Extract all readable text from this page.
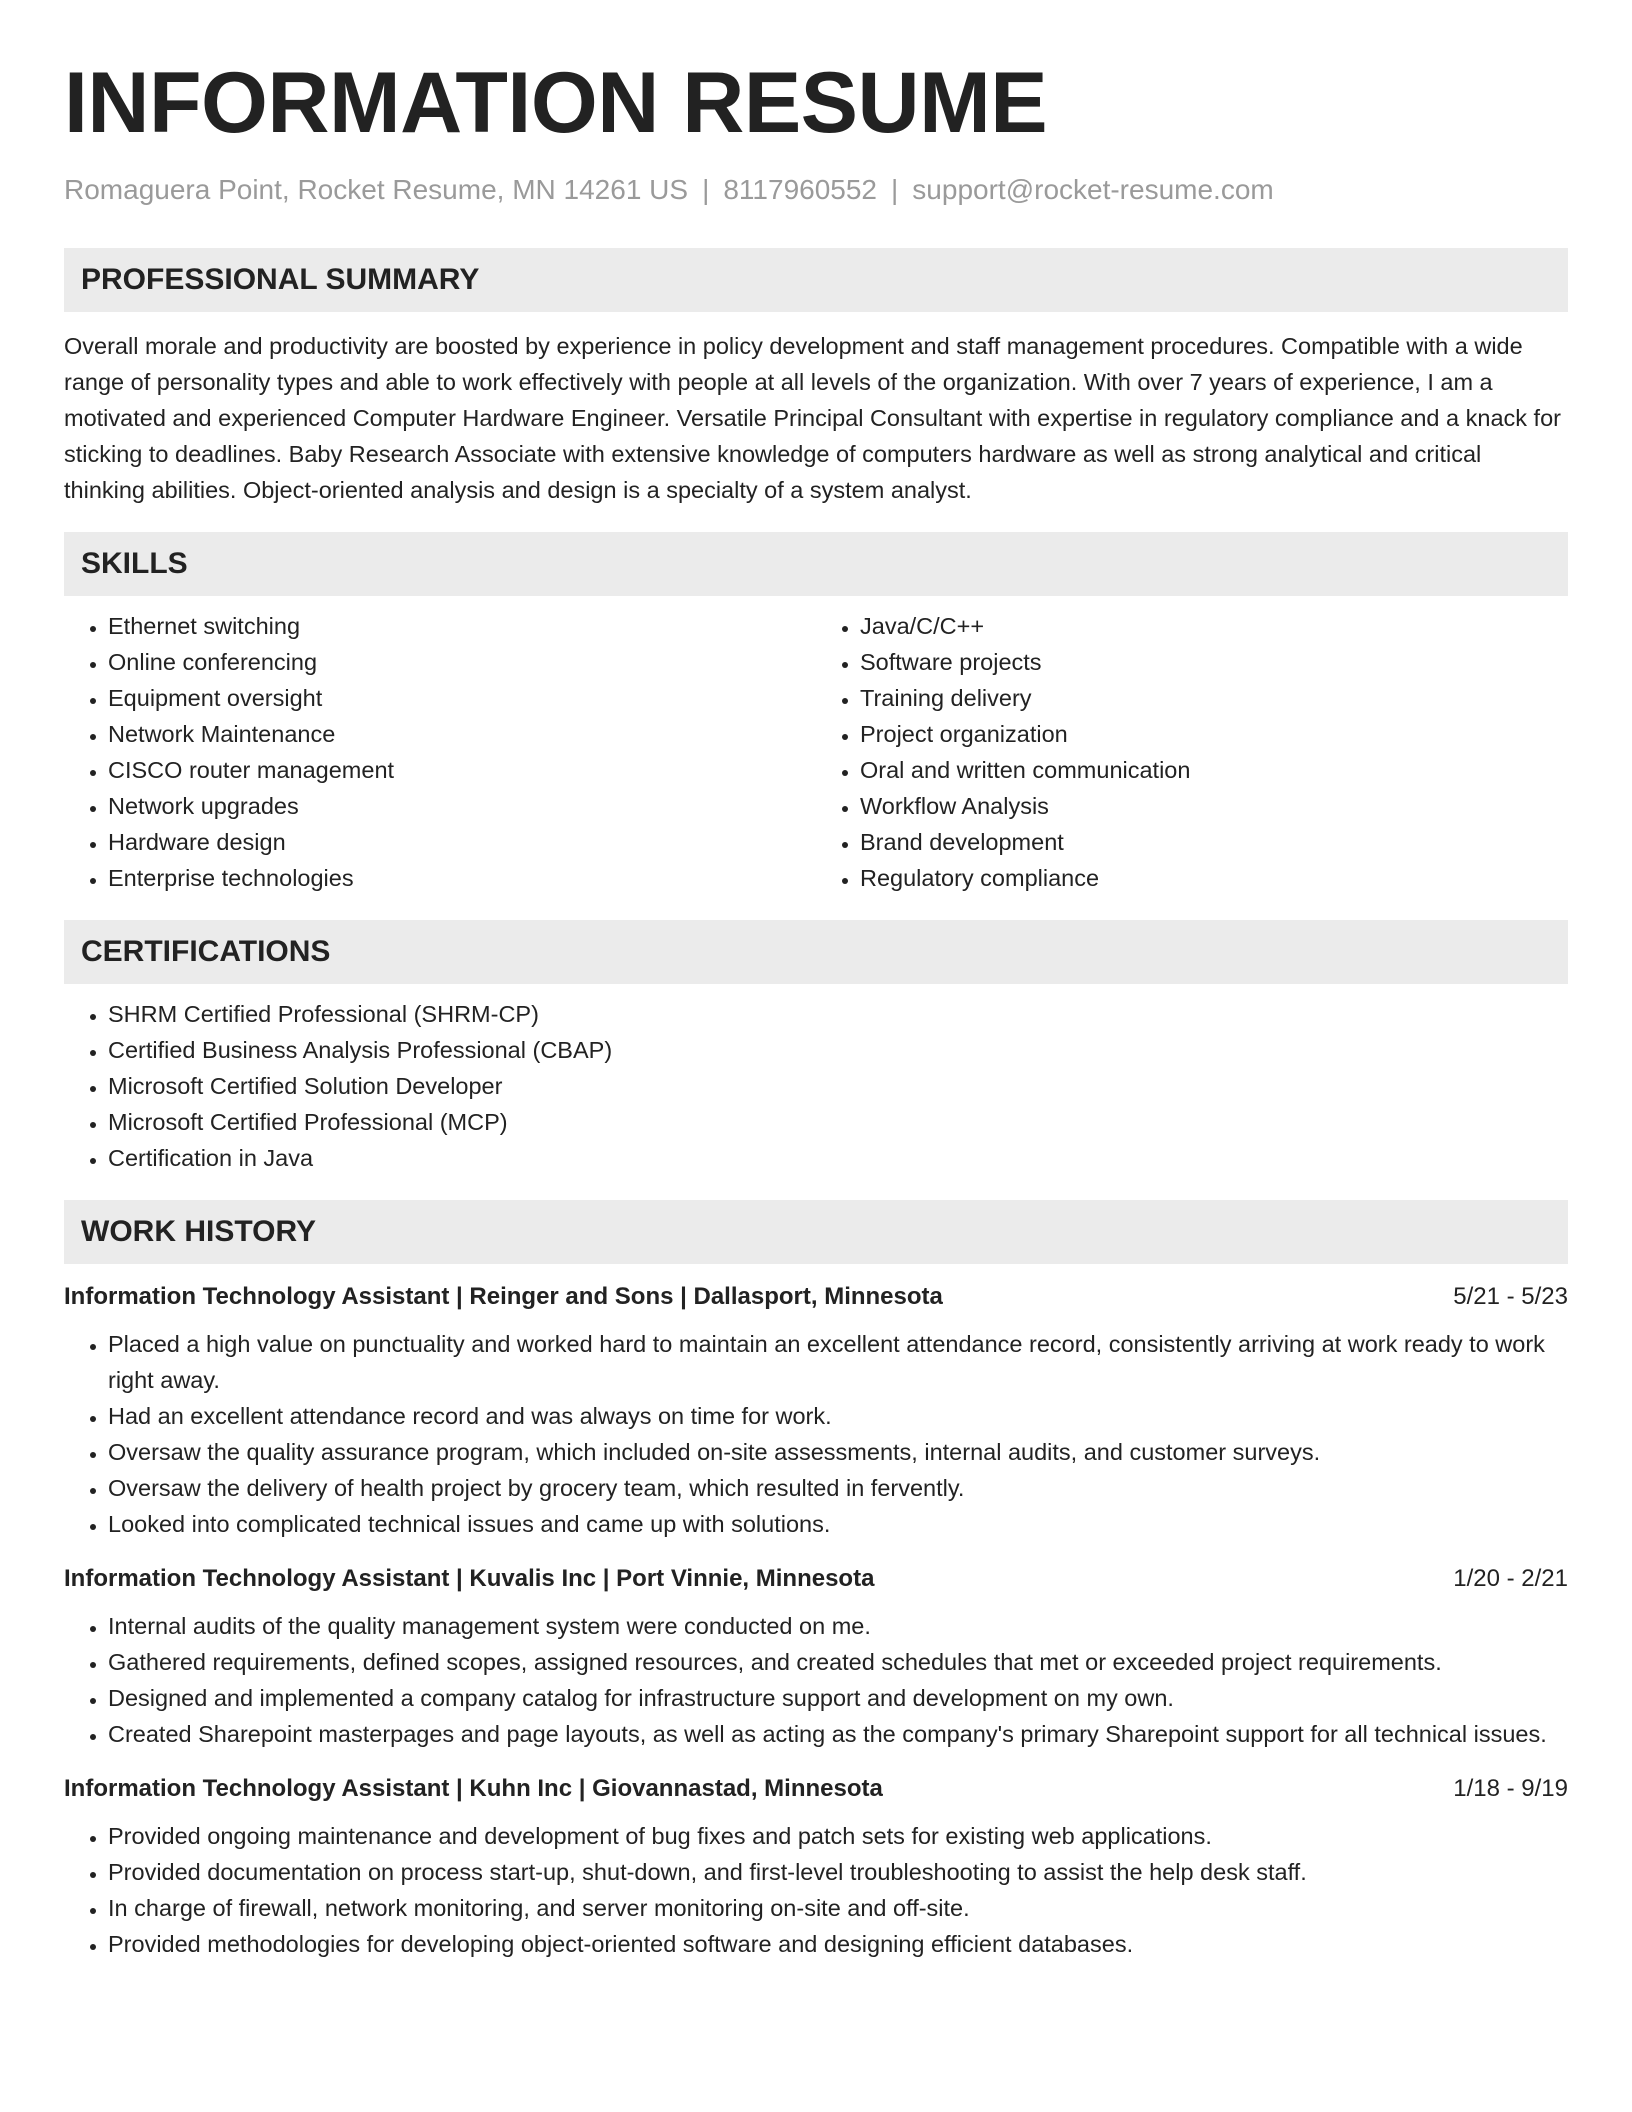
INFORMATION RESUME
Romaguera Point, Rocket Resume, MN 14261 US | 8117960552 | support@rocket-resume.com
PROFESSIONAL SUMMARY

Overall morale and productivity are boosted by experience in policy development and staff management procedures. Compatible with a wide range of personality types and able to work effectively with people at all levels of the organization. With over 7 years of experience, I am a motivated and experienced Computer Hardware Engineer. Versatile Principal Consultant with expertise in regulatory compliance and a knack for sticking to deadlines. Baby Research Associate with extensive knowledge of computers hardware as well as strong analytical and critical thinking abilities. Object-oriented analysis and design is a specialty of a system analyst.

SKILLS
• Ethernet switching
• Online conferencing
• Equipment oversight
• Network Maintenance
• CISCO router management
• Network upgrades
• Hardware design
• Enterprise technologies
• Java/C/C++
• Software projects
• Training delivery
• Project organization
• Oral and written communication
• Workflow Analysis
• Brand development
• Regulatory compliance
CERTIFICATIONS
• SHRM Certified Professional (SHRM-CP)
• Certified Business Analysis Professional (CBAP)
• Microsoft Certified Solution Developer
• Microsoft Certified Professional (MCP)
• Certification in Java
WORK HISTORY
Information Technology Assistant | Reinger and Sons | Dallasport, Minnesota	5/21 - 5/23
• Placed a high value on punctuality and worked hard to maintain an excellent attendance record, consistently arriving at work ready to work right away.
• Had an excellent attendance record and was always on time for work.
• Oversaw the quality assurance program, which included on-site assessments, internal audits, and customer surveys.
• Oversaw the delivery of health project by grocery team, which resulted in fervently.
• Looked into complicated technical issues and came up with solutions.
Information Technology Assistant | Kuvalis Inc | Port Vinnie, Minnesota	1/20 - 2/21
• Internal audits of the quality management system were conducted on me.
• Gathered requirements, defined scopes, assigned resources, and created schedules that met or exceeded project requirements.
• Designed and implemented a company catalog for infrastructure support and development on my own.
• Created Sharepoint masterpages and page layouts, as well as acting as the company's primary Sharepoint support for all technical issues.
Information Technology Assistant | Kuhn Inc | Giovannastad, Minnesota	1/18 - 9/19
• Provided ongoing maintenance and development of bug fixes and patch sets for existing web applications.
• Provided documentation on process start-up, shut-down, and first-level troubleshooting to assist the help desk staff.
• In charge of firewall, network monitoring, and server monitoring on-site and off-site.
• Provided methodologies for developing object-oriented software and designing efficient databases.
